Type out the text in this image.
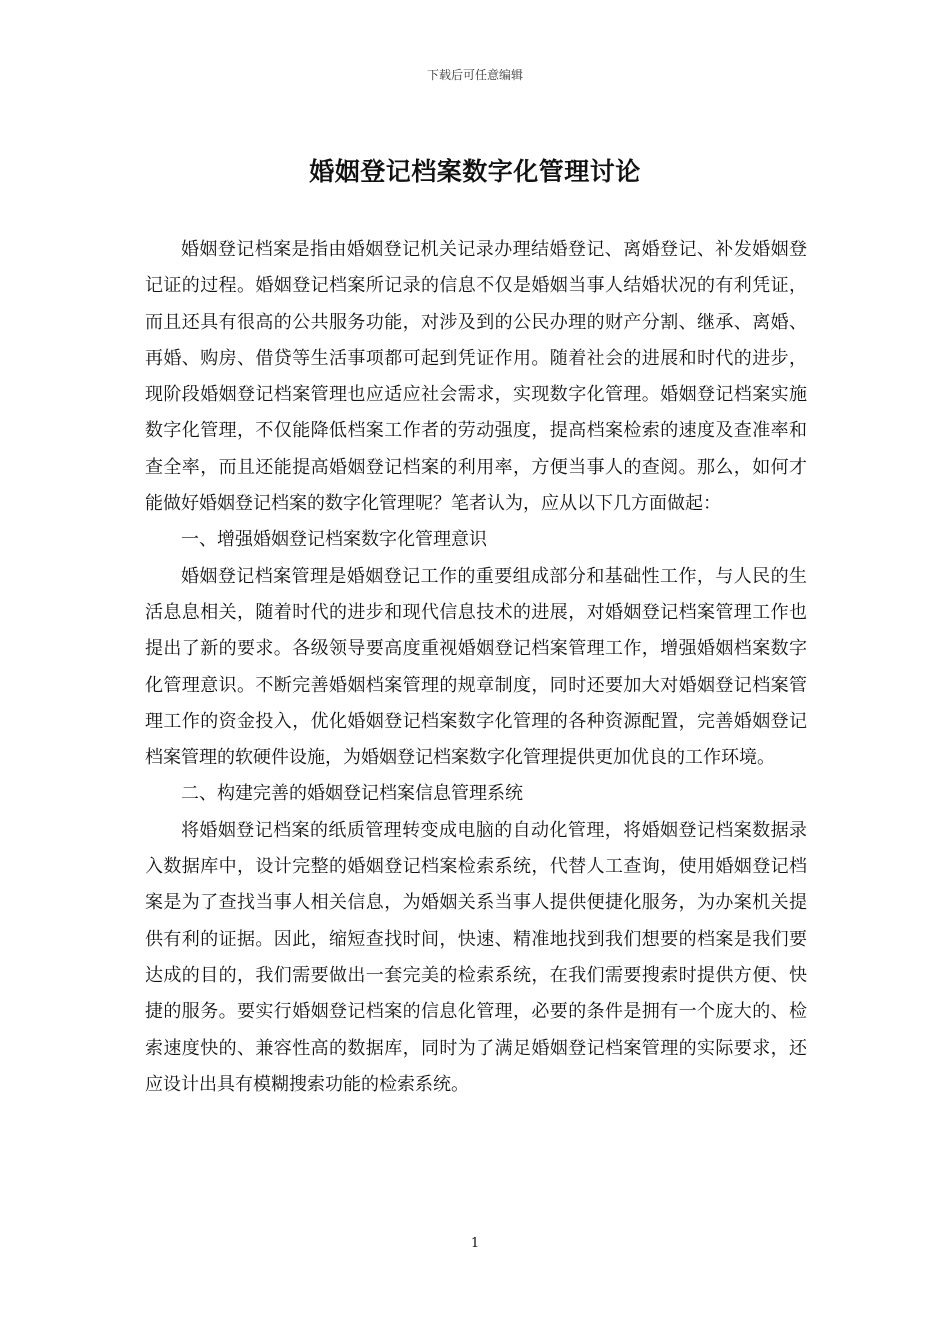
下载后可任意编辑
婚姻登记档案数字化管理讨论

婚姻登记档案是指由婚姻登记机关记录办理结婚登记、离婚登记、补发婚姻登记证的过程。婚姻登记档案所记录的信息不仅是婚姻当事人结婚状况的有利凭证，而且还具有很高的公共服务功能，对涉及到的公民办理的财产分割、继承、离婚、再婚、购房、借贷等生活事项都可起到凭证作用。随着社会的进展和时代的进步，现阶段婚姻登记档案管理也应适应社会需求，实现数字化管理。婚姻登记档案实施数字化管理，不仅能降低档案工作者的劳动强度，提高档案检索的速度及查准率和查全率，而且还能提高婚姻登记档案的利用率，方便当事人的查阅。那么，如何才能做好婚姻登记档案的数字化管理呢？笔者认为，应从以下几方面做起：

一、增强婚姻登记档案数字化管理意识

婚姻登记档案管理是婚姻登记工作的重要组成部分和基础性工作，与人民的生活息息相关，随着时代的进步和现代信息技术的进展，对婚姻登记档案管理工作也提出了新的要求。各级领导要高度重视婚姻登记档案管理工作，增强婚姻档案数字化管理意识。不断完善婚姻档案管理的规章制度，同时还要加大对婚姻登记档案管理工作的资金投入，优化婚姻登记档案数字化管理的各种资源配置，完善婚姻登记档案管理的软硬件设施，为婚姻登记档案数字化管理提供更加优良的工作环境。

二、构建完善的婚姻登记档案信息管理系统

将婚姻登记档案的纸质管理转变成电脑的自动化管理，将婚姻登记档案数据录入数据库中，设计完整的婚姻登记档案检索系统，代替人工查询，使用婚姻登记档案是为了查找当事人相关信息，为婚姻关系当事人提供便捷化服务，为办案机关提供有利的证据。因此，缩短查找时间，快速、精准地找到我们想要的档案是我们要达成的目的，我们需要做出一套完美的检索系统，在我们需要搜索时提供方便、快捷的服务。要实行婚姻登记档案的信息化管理，必要的条件是拥有一个庞大的、检索速度快的、兼容性高的数据库，同时为了满足婚姻登记档案管理的实际要求，还应设计出具有模糊搜索功能的检索系统。

1
